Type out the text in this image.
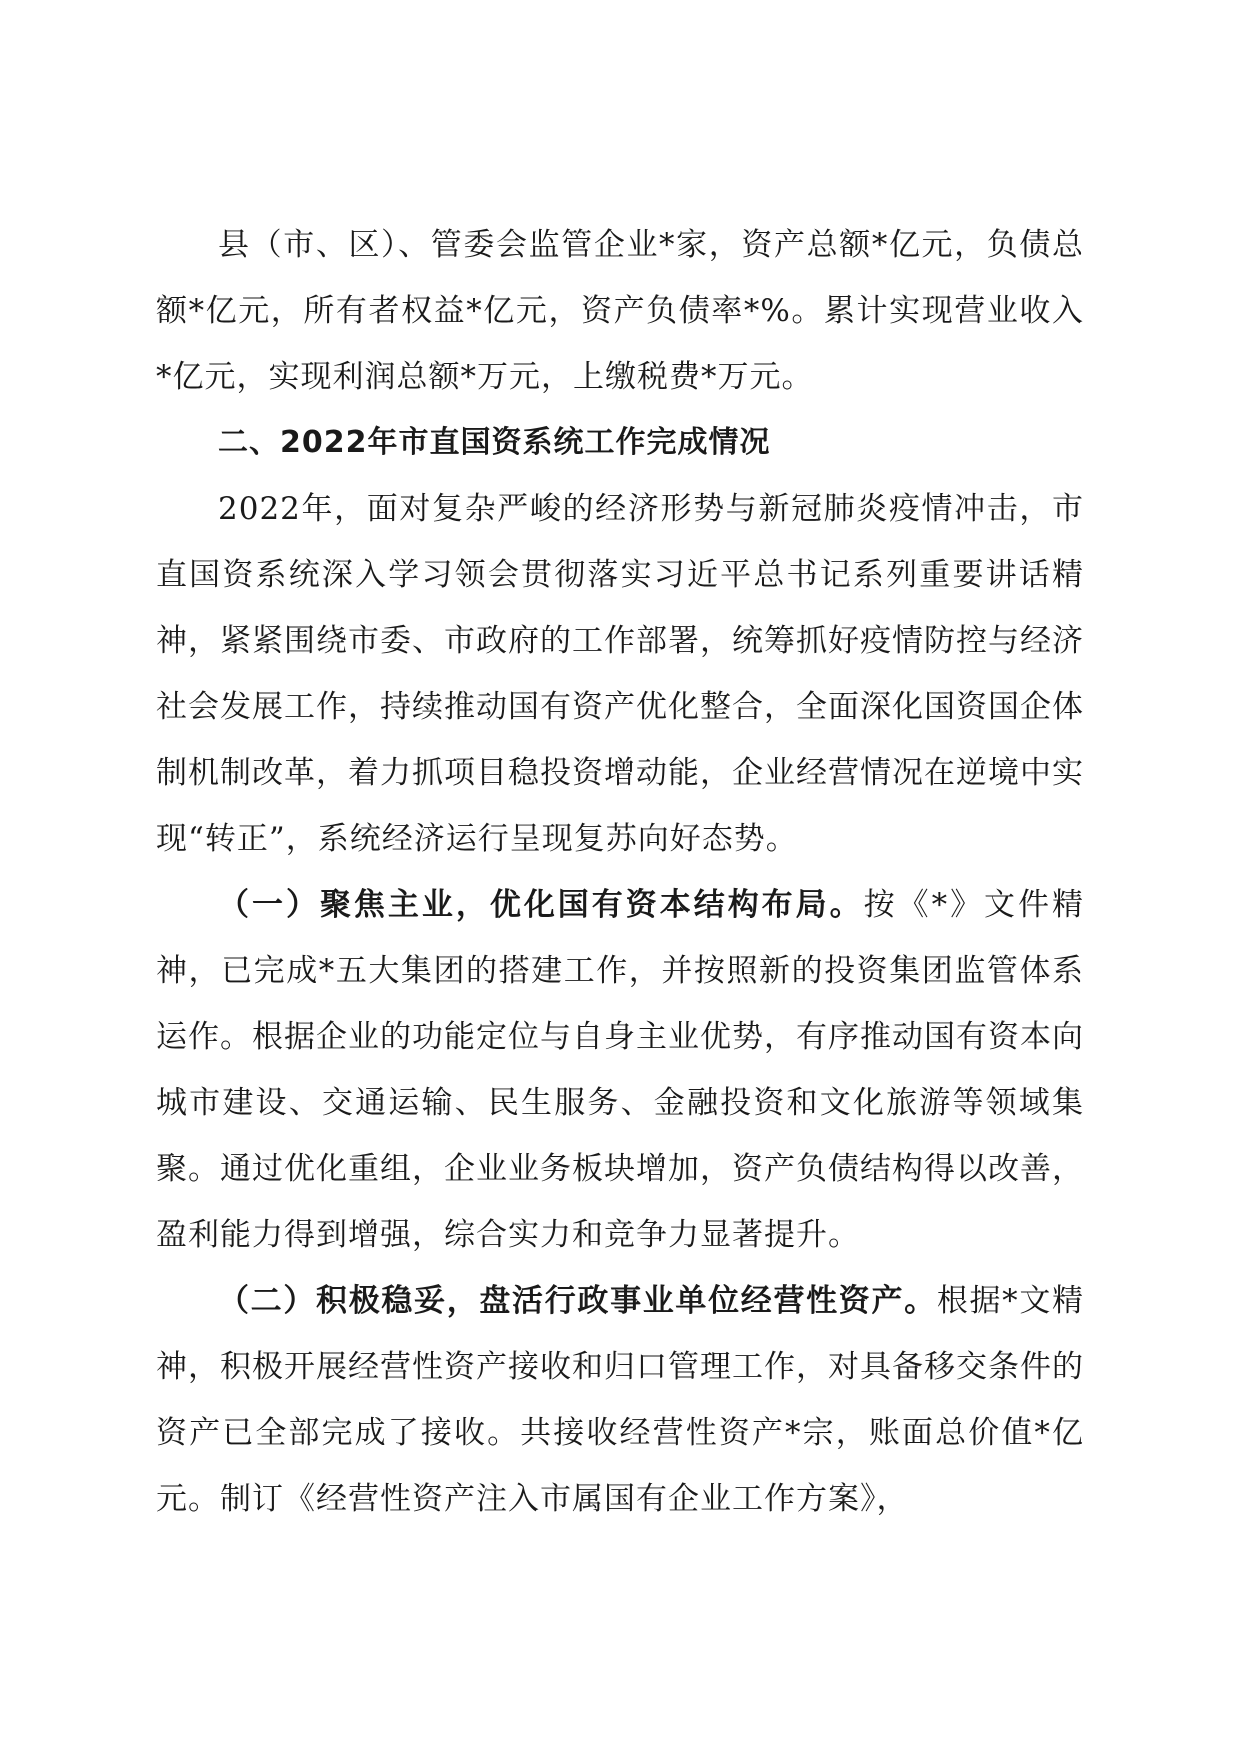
县（市、区）、管委会监管企业*家，资产总额*亿元，负债总额*亿元，所有者权益*亿元，资产负债率*%。累计实现营业收入*亿元，实现利润总额*万元，上缴税费*万元。

二、2022年市直国资系统工作完成情况

2022年，面对复杂严峻的经济形势与新冠肺炎疫情冲击，市直国资系统深入学习领会贯彻落实习近平总书记系列重要讲话精神，紧紧围绕市委、市政府的工作部署，统筹抓好疫情防控与经济社会发展工作，持续推动国有资产优化整合，全面深化国资国企体制机制改革，着力抓项目稳投资增动能，企业经营情况在逆境中实现“转正”，系统经济运行呈现复苏向好态势。

（一）聚焦主业，优化国有资本结构布局。按《*》文件精神，已完成*五大集团的搭建工作，并按照新的投资集团监管体系运作。根据企业的功能定位与自身主业优势，有序推动国有资本向城市建设、交通运输、民生服务、金融投资和文化旅游等领域集聚。通过优化重组，企业业务板块增加，资产负债结构得以改善，盈利能力得到增强，综合实力和竞争力显著提升。

（二）积极稳妥，盘活行政事业单位经营性资产。根据*文精神，积极开展经营性资产接收和归口管理工作，对具备移交条件的资产已全部完成了接收。共接收经营性资产*宗，账面总价值*亿元。制订《经营性资产注入市属国有企业工作方案》，
